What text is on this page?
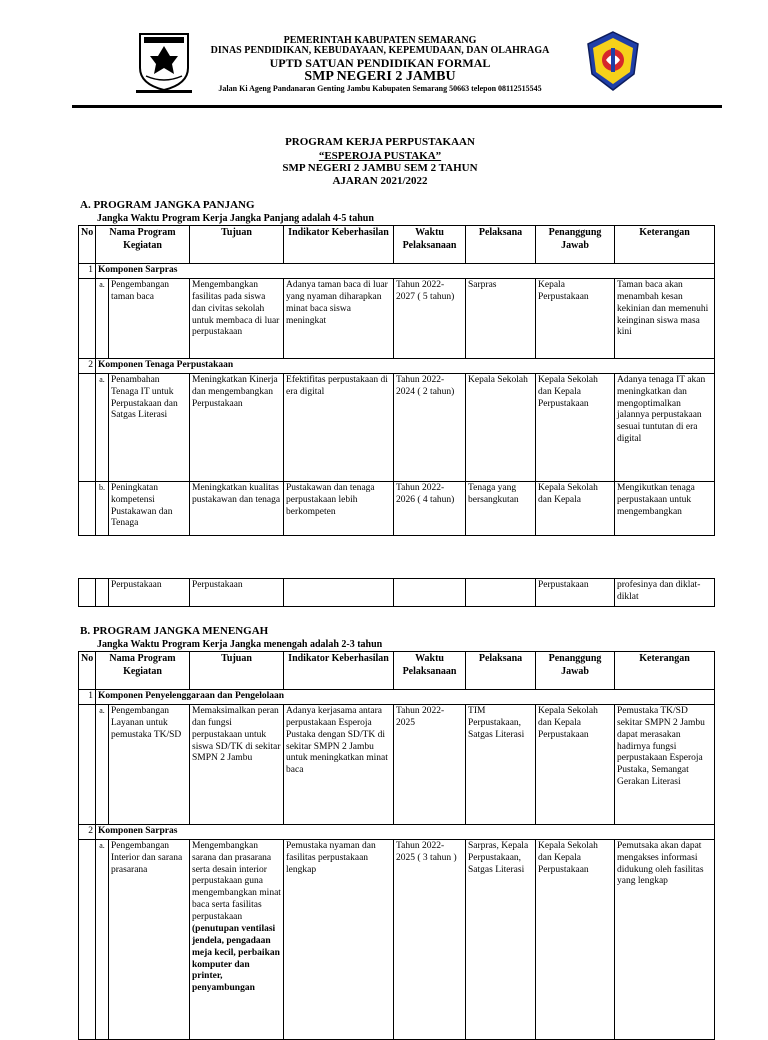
PEMERINTAH KABUPATEN SEMARANG
DINAS PENDIDIKAN, KEBUDAYAAN, KEPEMUDAAN, DAN OLAHRAGA
UPTD SATUAN PENDIDIKAN FORMAL
SMP NEGERI 2 JAMBU
Jalan Ki Ageng Pandanaran Genting Jambu Kabupaten Semarang 50663 telepon 08112515545
PROGRAM KERJA PERPUSTAKAAN
“ESPEROJA PUSTAKA”
SMP NEGERI 2 JAMBU SEM 2 TAHUN
AJARAN 2021/2022
A. PROGRAM JANGKA PANJANG
Jangka Waktu Program Kerja Jangka Panjang adalah 4-5 tahun
No	Nama Program Kegiatan		Tujuan	Indikator Keberhasilan	Waktu Pelaksanaan	Pelaksana	Penanggung Jawab	Keterangan
1	Komponen Sarpras							
	a.	Pengembangan taman baca	Mengembangkan fasilitas pada siswa dan civitas sekolah untuk membaca di luar perpustakaan	Adanya taman baca di luar yang nyaman diharapkan minat baca siswa meningkat	Tahun 2022-2027 ( 5 tahun)	Sarpras	Kepala Perpustakaan	Taman baca akan menambah kesan kekinian dan memenuhi keinginan siswa masa kini
2	Komponen Tenaga Perpustakaan							
	a.	Penambahan Tenaga IT untuk Perpustakaan dan Satgas Literasi	Meningkatkan Kinerja dan mengembangkan Perpustakaan	Efektifitas perpustakaan di era digital	Tahun 2022-2024 ( 2 tahun)	Kepala Sekolah	Kepala Sekolah dan Kepala Perpustakaan	Adanya tenaga IT akan meningkatkan dan mengoptimalkan jalannya perpustakaan sesuai tuntutan di era digital
	b.	Peningkatan kompetensi Pustakawan dan Tenaga	Meningkatkan kualitas pustakawan dan tenaga	Pustakawan dan tenaga perpustakaan lebih berkompeten	Tahun 2022-2026 ( 4 tahun)	Tenaga yang bersangkutan	Kepala Sekolah dan Kepala	Mengikutkan tenaga perpustakaan untuk mengembangkan
		Perpustakaan	Perpustakaan				Perpustakaan	profesinya dan diklat-diklat
B. PROGRAM JANGKA MENENGAH
Jangka Waktu Program Kerja Jangka menengah adalah 2-3 tahun
No	Nama Program Kegiatan		Tujuan	Indikator Keberhasilan	Waktu Pelaksanaan	Pelaksana	Penanggung Jawab	Keterangan
1	Komponen Penyelenggaraan dan Pengelolaan							
	a.	Pengembangan Layanan untuk pemustaka TK/SD	Memaksimalkan peran dan fungsi perpustakaan untuk siswa SD/TK di sekitar SMPN 2 Jambu	Adanya kerjasama antara perpustakaan Esperoja Pustaka dengan SD/TK di sekitar SMPN 2 Jambu untuk meningkatkan minat baca	Tahun 2022-2025	TIM Perpustakaan, Satgas Literasi	Kepala Sekolah dan Kepala Perpustakaan	Pemustaka TK/SD sekitar SMPN 2 Jambu dapat merasakan hadirnya fungsi perpustakaan Esperoja Pustaka, Semangat Gerakan Literasi
2	Komponen Sarpras							
	a.	Pengembangan Interior dan sarana prasarana	Mengembangkan sarana dan prasarana serta desain interior perpustakaan guna mengembangkan minat baca serta fasilitas perpustakaan (penutupan ventilasi jendela, pengadaan meja kecil, perbaikan komputer dan printer, penyambungan	Pemustaka nyaman dan fasilitas perpustakaan lengkap	Tahun 2022-2025 ( 3 tahun )	Sarpras, Kepala Perpustakaan, Satgas Literasi	Kepala Sekolah dan Kepala Perpustakaan	Pemutsaka akan dapat mengakses informasi didukung oleh fasilitas yang lengkap
